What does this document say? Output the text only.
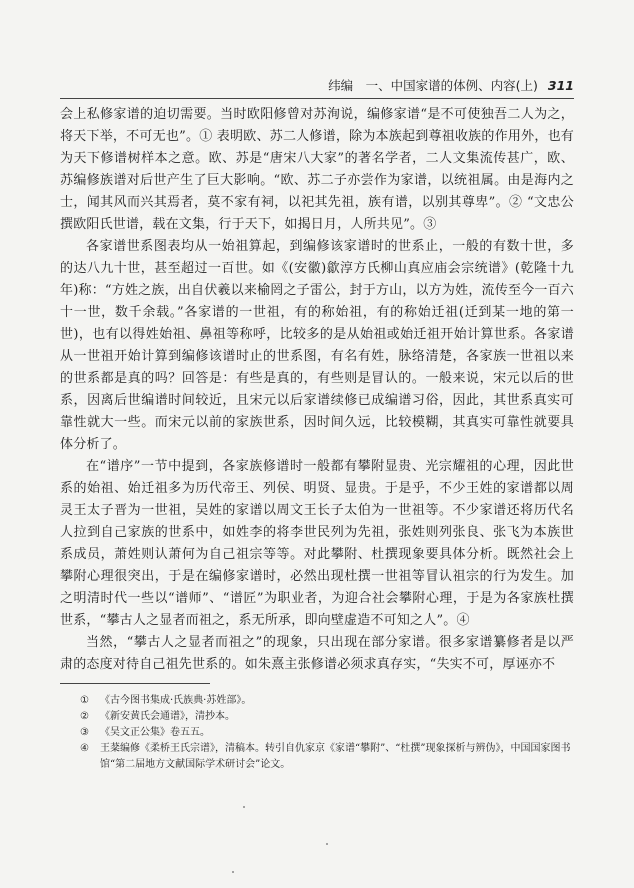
纬编　一、中国家谱的体例、内容(上) 311

会上私修家谱的迫切需要。当时欧阳修曾对苏洵说，编修家谱“是不可使独吾二人为之，将天下举，不可无也”。① 表明欧、苏二人修谱，除为本族起到尊祖收族的作用外，也有为天下修谱树样本之意。欧、苏是“唐宋八大家”的著名学者，二人文集流传甚广，欧、苏编修族谱对后世产生了巨大影响。“欧、苏二子亦尝作为家谱，以统祖属。由是海内之士，闻其风而兴其焉者，莫不家有祠，以祀其先祖，族有谱，以别其尊卑”。② “文忠公撰欧阳氏世谱，载在文集，行于天下，如揭日月，人所共见”。③

各家谱世系图表均从一始祖算起，到编修该家谱时的世系止，一般的有数十世，多的达八九十世，甚至超过一百世。如《(安徽)歙淳方氏柳山真应庙会宗统谱》(乾隆十九年)称：“方姓之族，出自伏羲以来榆罔之子雷公，封于方山，以方为姓，流传至今一百六十一世，数千余载。”各家谱的一世祖，有的称始祖，有的称始迁祖(迁到某一地的第一世)，也有以得姓始祖、鼻祖等称呼，比较多的是从始祖或始迁祖开始计算世系。各家谱从一世祖开始计算到编修该谱时止的世系图，有名有姓，脉络清楚，各家族一世祖以来的世系都是真的吗？回答是：有些是真的，有些则是冒认的。一般来说，宋元以后的世系，因离后世编谱时间较近，且宋元以后家谱续修已成编谱习俗，因此，其世系真实可靠性就大一些。而宋元以前的家族世系，因时间久远，比较模糊，其真实可靠性就要具体分析了。

在“谱序”一节中提到，各家族修谱时一般都有攀附显贵、光宗耀祖的心理，因此世系的始祖、始迁祖多为历代帝王、列侯、明贤、显贵。于是乎，不少王姓的家谱都以周灵王太子晋为一世祖，吴姓的家谱以周文王长子太伯为一世祖等。不少家谱还将历代名人拉到自己家族的世系中，如姓李的将李世民列为先祖，张姓则列张良、张飞为本族世系成员，萧姓则认萧何为自己祖宗等等。对此攀附、杜撰现象要具体分析。既然社会上攀附心理很突出，于是在编修家谱时，必然出现杜撰一世祖等冒认祖宗的行为发生。加之明清时代一些以“谱师”、“谱匠”为职业者，为迎合社会攀附心理，于是为各家族杜撰世系，“攀古人之显者而祖之，系无所承，即向壁虚造不可知之人”。④

当然，“攀古人之显者而祖之”的现象，只出现在部分家谱。很多家谱纂修者是以严肃的态度对待自己祖先世系的。如朱熹主张修谱必须求真存实，“失实不可，厚诬亦不

①	《古今图书集成·氏族典·苏姓部》。
②	《新安黄氏会通谱》，清抄本。
③	《吴文正公集》卷五五。
④	王棻编修《柔桥王氏宗谱》，清稿本。转引自仇家京《家谱“攀附”、“杜撰”现象探析与辨伪》，中国国家图书馆“第二届地方文献国际学术研讨会”论文。
